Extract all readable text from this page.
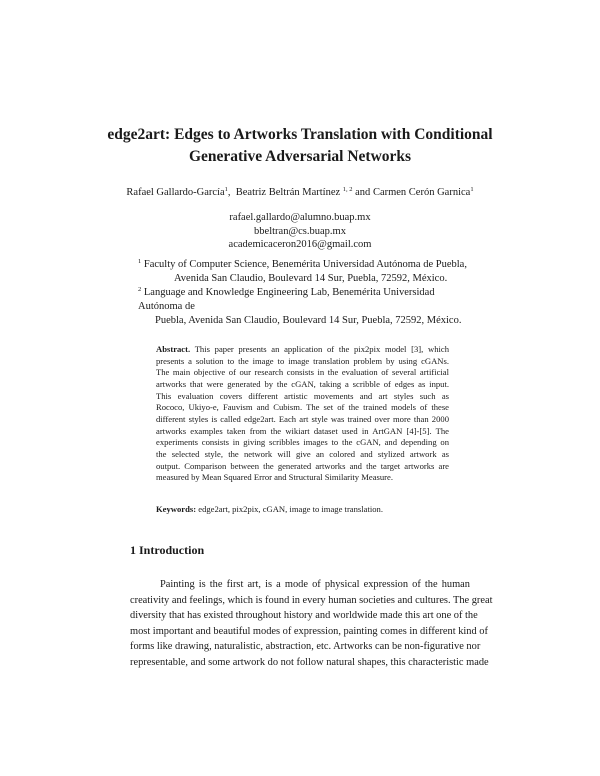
edge2art: Edges to Artworks Translation with Conditional
Generative Adversarial Networks
Rafael Gallardo-García$^1$,  Beatriz Beltrán Martínez $^{1, 2}$ and Carmen Cerón Garnica$^1$
rafael.gallardo@alumno.buap.mx
bbeltran@cs.buap.mx
academicaceron2016@gmail.com
$^1$ Faculty of Computer Science, Benemérita Universidad Autónoma de Puebla,
Avenida San Claudio, Boulevard 14 Sur, Puebla, 72592, México.
$^2$ Language and Knowledge Engineering Lab, Benemérita Universidad Autónoma de
Puebla, Avenida San Claudio, Boulevard 14 Sur, Puebla, 72592, México.
Abstract. This paper presents an application of the pix2pix model [3], which
presents a solution to the image to image translation problem by using cGANs.
The main objective of our research consists in the evaluation of several artificial
artworks that were generated by the cGAN, taking a scribble of edges as input.
This evaluation covers different artistic movements and art styles such as
Rococo, Ukiyo-e, Fauvism and Cubism. The set of the trained models of these
different styles is called edge2art. Each art style was trained over more than 2000
artworks examples taken from the wikiart dataset used in ArtGAN [4]-[5]. The
experiments consists in giving scribbles images to the cGAN, and depending on
the selected style, the network will give an colored and stylized artwork as
output. Comparison between the generated artworks and the target artworks are
measured by Mean Squared Error and Structural Similarity Measure.
Keywords: edge2art, pix2pix, cGAN, image to image translation.
1 Introduction
Painting is the first art, is a mode of physical expression of the human
creativity and feelings, which is found in every human societies and cultures. The great
diversity that has existed throughout history and worldwide made this art one of the
most important and beautiful modes of expression, painting comes in different kind of
forms like drawing, naturalistic, abstraction, etc. Artworks can be non-figurative nor
representable, and some artwork do not follow natural shapes, this characteristic made
